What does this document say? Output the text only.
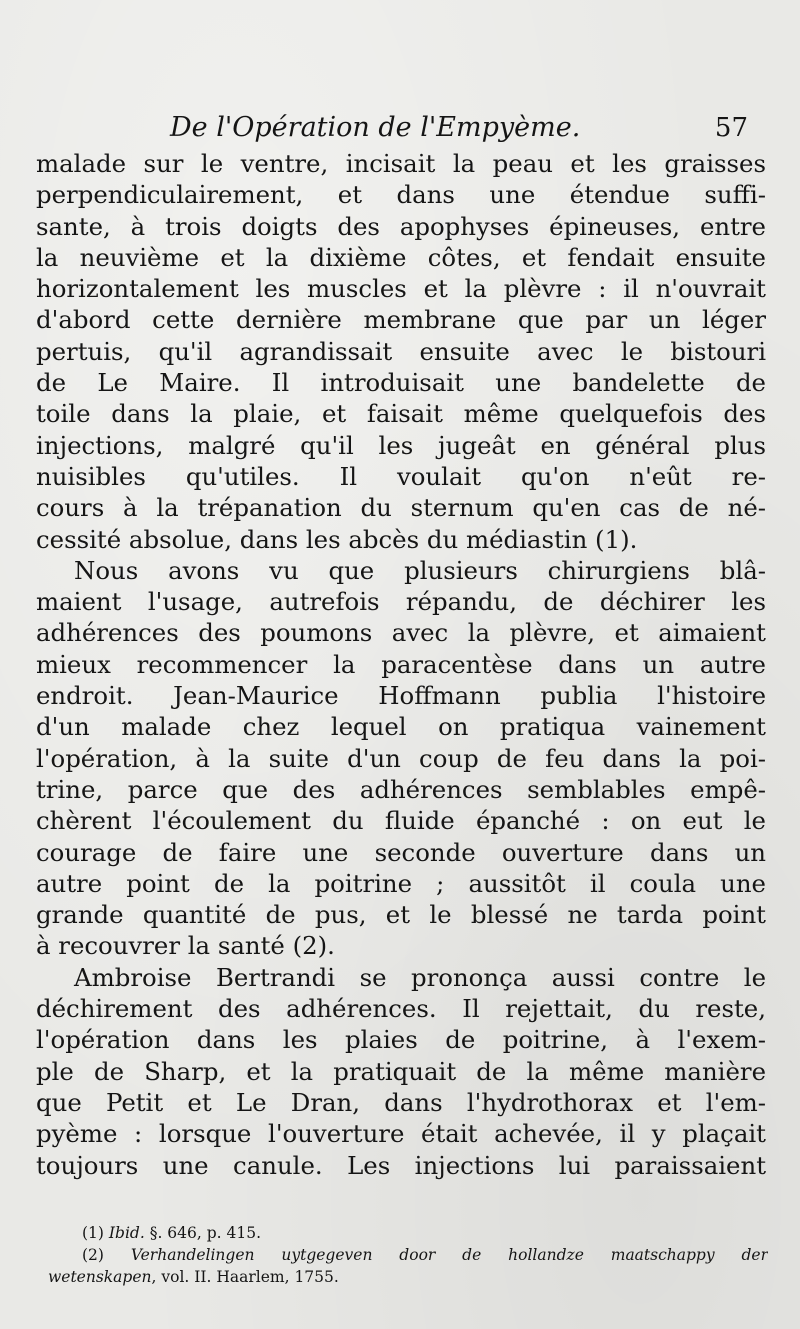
De l'Opération de l'Empyème.	57
malade sur le ventre, incisait la peau et les graisses
perpendiculairement, et dans une étendue suffi-
sante, à trois doigts des apophyses épineuses, entre
la neuvième et la dixième côtes, et fendait ensuite
horizontalement les muscles et la plèvre : il n'ouvrait
d'abord cette dernière membrane que par un léger
pertuis, qu'il agrandissait ensuite avec le bistouri
de Le Maire. Il introduisait une bandelette de
toile dans la plaie, et faisait même quelquefois des
injections, malgré qu'il les jugeât en général plus
nuisibles qu'utiles. Il voulait qu'on n'eût re-
cours à la trépanation du sternum qu'en cas de né-
cessité absolue, dans les abcès du médiastin (1).
Nous avons vu que plusieurs chirurgiens blâ-
maient l'usage, autrefois répandu, de déchirer les
adhérences des poumons avec la plèvre, et aimaient
mieux recommencer la paracentèse dans un autre
endroit. Jean-Maurice Hoffmann publia l'histoire
d'un malade chez lequel on pratiqua vainement
l'opération, à la suite d'un coup de feu dans la poi-
trine, parce que des adhérences semblables empê-
chèrent l'écoulement du fluide épanché : on eut le
courage de faire une seconde ouverture dans un
autre point de la poitrine ; aussitôt il coula une
grande quantité de pus, et le blessé ne tarda point
à recouvrer la santé (2).
Ambroise Bertrandi se prononça aussi contre le
déchirement des adhérences. Il rejettait, du reste,
l'opération dans les plaies de poitrine, à l'exem-
ple de Sharp, et la pratiquait de la même manière
que Petit et Le Dran, dans l'hydrothorax et l'em-
pyème : lorsque l'ouverture était achevée, il y plaçait
toujours une canule. Les injections lui paraissaient
(1) Ibid. §. 646, p. 415.
(2) Verhandelingen uytgegeven door de hollandze maatschappy der
wetenskapen, vol. II. Haarlem, 1755.
